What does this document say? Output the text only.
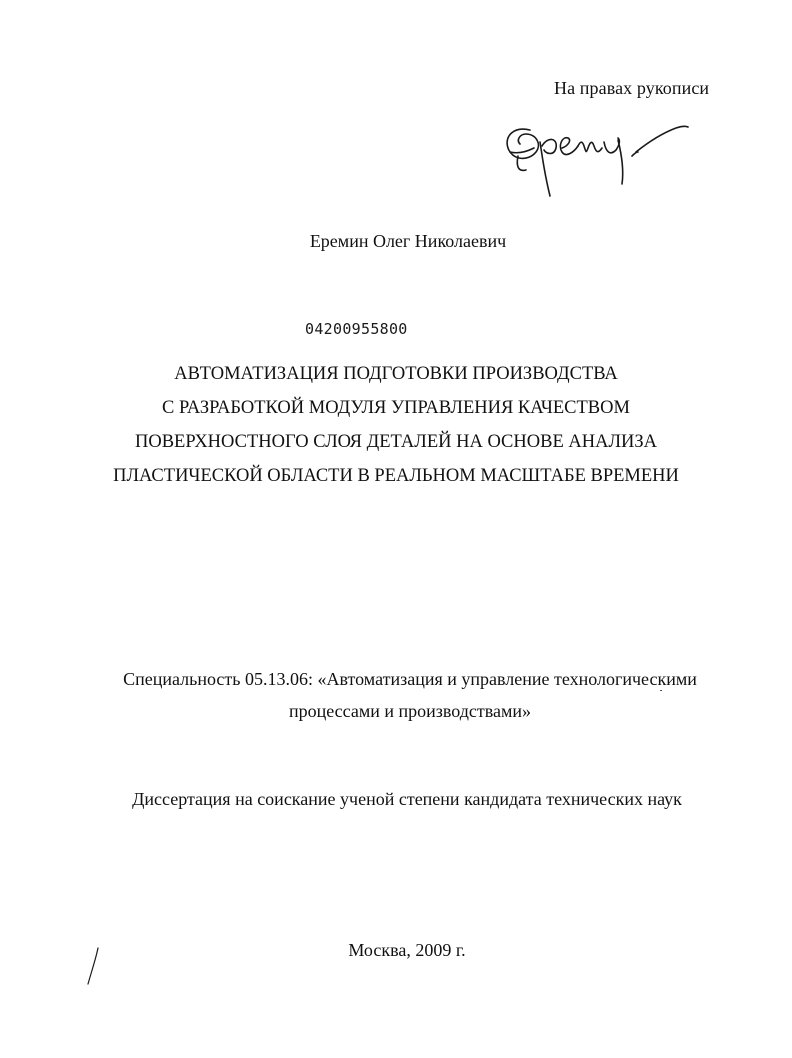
На правах рукописи
Еремин Олег Николаевич
04200955800
АВТОМАТИЗАЦИЯ ПОДГОТОВКИ ПРОИЗВОДСТВА
С РАЗРАБОТКОЙ МОДУЛЯ УПРАВЛЕНИЯ КАЧЕСТВОМ
ПОВЕРХНОСТНОГО СЛОЯ ДЕТАЛЕЙ НА ОСНОВЕ АНАЛИЗА
ПЛАСТИЧЕСКОЙ ОБЛАСТИ В РЕАЛЬНОМ МАСШТАБЕ ВРЕМЕНИ
Специальность 05.13.06: «Автоматизация и управление технологическими
процессами и производствами»
Диссертация на соискание ученой степени кандидата технических наук
Москва, 2009 г.
